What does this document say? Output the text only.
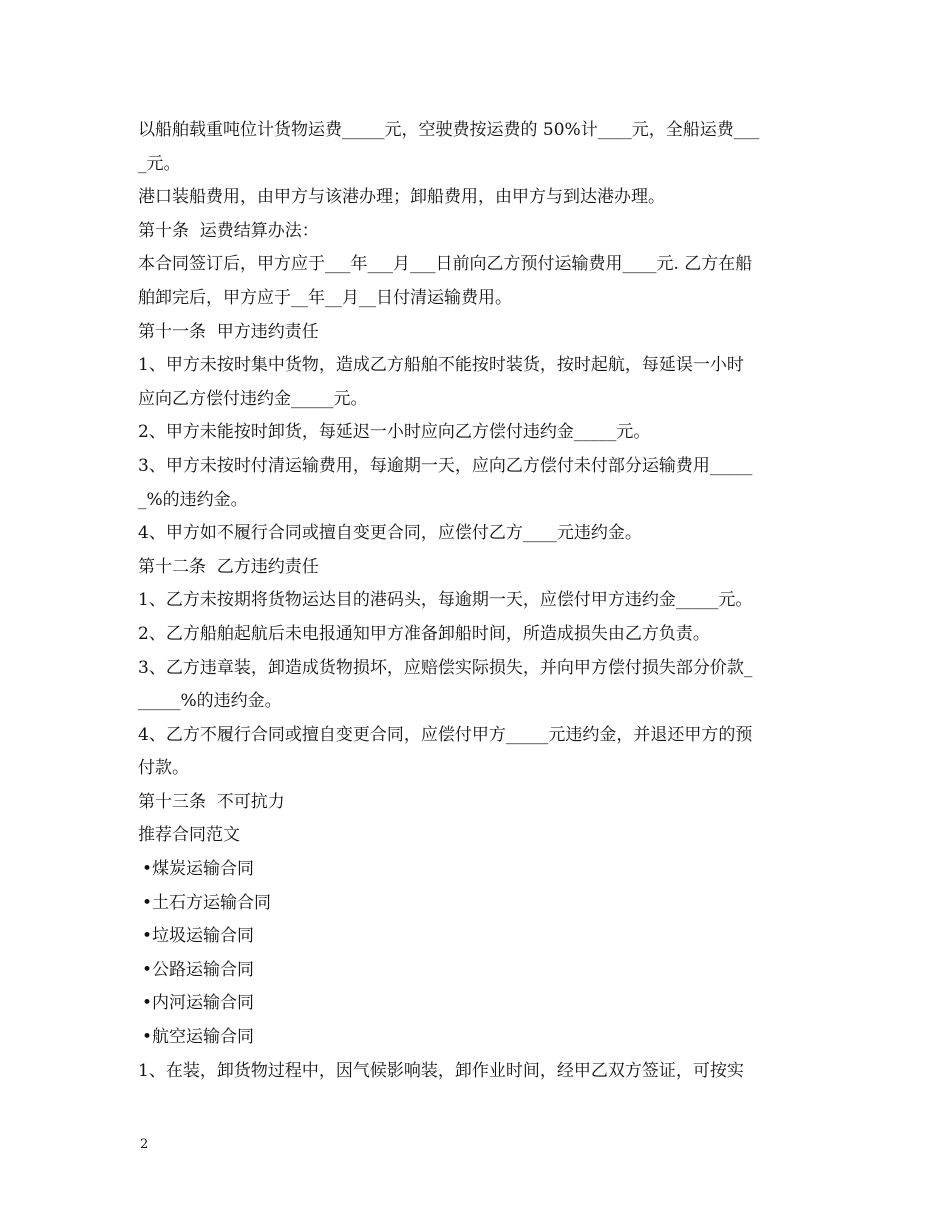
以船舶载重吨位计货物运费_____元，空驶费按运费的 50%计____元，全船运费___
_元。
港口装船费用，由甲方与该港办理；卸船费用，由甲方与到达港办理。
第十条  运费结算办法：
本合同签订后，甲方应于___年___月___日前向乙方预付运输费用____元. 乙方在船
舶卸完后，甲方应于__年__月__日付清运输费用。
第十一条  甲方违约责任
1、甲方未按时集中货物，造成乙方船舶不能按时装货，按时起航，每延误一小时
应向乙方偿付违约金_____元。
2、甲方未能按时卸货，每延迟一小时应向乙方偿付违约金_____元。
3、甲方未按时付清运输费用，每逾期一天，应向乙方偿付未付部分运输费用_____
_%的违约金。
4、甲方如不履行合同或擅自变更合同，应偿付乙方____元违约金。
第十二条  乙方违约责任
1、乙方未按期将货物运达目的港码头，每逾期一天，应偿付甲方违约金_____元。
2、乙方船舶起航后未电报通知甲方准备卸船时间，所造成损失由乙方负责。
3、乙方违章装，卸造成货物损坏，应赔偿实际损失，并向甲方偿付损失部分价款_
_____%的违约金。
4、乙方不履行合同或擅自变更合同，应偿付甲方_____元违约金，并退还甲方的预
付款。
第十三条  不可抗力
推荐合同范文
•煤炭运输合同
•土石方运输合同
•垃圾运输合同
•公路运输合同
•内河运输合同
•航空运输合同
1、在装，卸货物过程中，因气候影响装，卸作业时间，经甲乙双方签证，可按实
2
